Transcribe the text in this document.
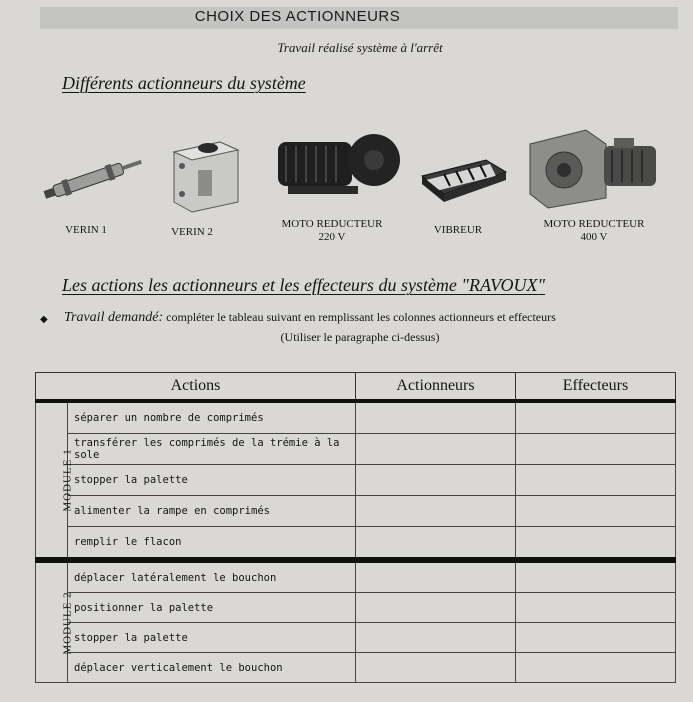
CHOIX DES ACTIONNEURS
Travail réalisé système à l'arrêt
Différents actionneurs du système
VERIN 1	VERIN 2
MOTO REDUCTEUR
220 V
VIBREUR	MOTO REDUCTEUR
400 V
Les actions les actionneurs et les effecteurs du système "RAVOUX"
◆ Travail demandé: compléter le tableau suivant en remplissant les colonnes actionneurs et effecteurs
(Utiliser le paragraphe ci-dessus)
Actions		Actionneurs	Effecteurs
MODULE 1	séparer un nombre de comprimés		
	transférer les comprimés de la trémie à la sole		
	stopper la palette		
	alimenter la rampe en comprimés		
	remplir le flacon		
MODULE 2	déplacer latéralement le bouchon		
	positionner la palette		
	stopper la palette		
	déplacer verticalement le bouchon		
